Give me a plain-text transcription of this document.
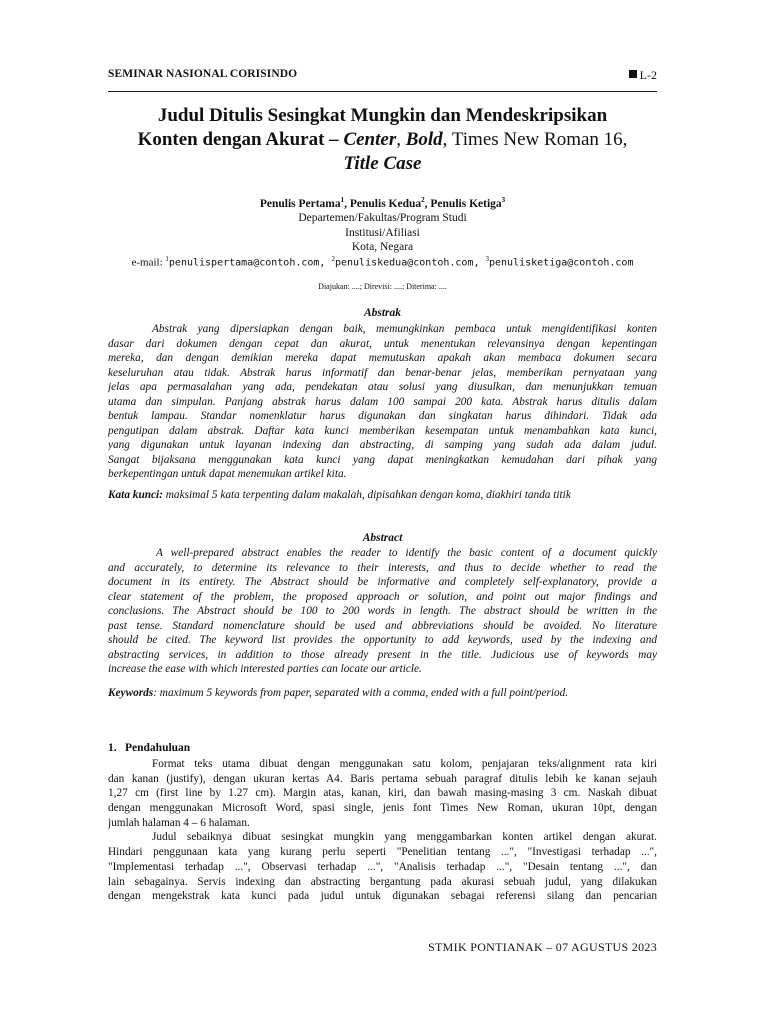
SEMINAR NASIONAL CORISINDO	L-2
Judul Ditulis Sesingkat Mungkin dan Mendeskripsikan
Konten dengan Akurat – Center, Bold, Times New Roman 16,
Title Case
Penulis Pertama$^1$, Penulis Kedua$^2$, Penulis Ketiga$^3$
Departemen/Fakultas/Program Studi
Institusi/Afiliasi
Kota, Negara
e-mail: $^1$penulispertama@contoh.com, $^2$penuliskedua@contoh.com, $^3$penulisketiga@contoh.com
Diajukan: ....; Direvisi: ....; Diterima: ....
Abstrak
Abstrak yang dipersiapkan dengan baik, memungkinkan pembaca untuk mengidentifikasi konten
dasar dari dokumen dengan cepat dan akurat, untuk menentukan relevansinya dengan kepentingan
mereka, dan dengan demikian mereka dapat memutuskan apakah akan membaca dokumen secara
keseluruhan atau tidak. Abstrak harus informatif dan benar-benar jelas, memberikan pernyataan yang
jelas apa permasalahan yang ada, pendekatan atau solusi yang diusulkan, dan menunjukkan temuan
utama dan simpulan. Panjang abstrak harus dalam 100 sampai 200 kata. Abstrak harus ditulis dalam
bentuk lampau. Standar nomenklatur harus digunakan dan singkatan harus dihindari. Tidak ada
pengutipan dalam abstrak. Daftar kata kunci memberikan kesempatan untuk menambahkan kata kunci,
yang digunakan untuk layanan indexing dan abstracting, di samping yang sudah ada dalam judul.
Sangat bijaksana menggunakan kata kunci yang dapat meningkatkan kemudahan dari pihak yang
berkepentingan untuk dapat menemukan artikel kita.
Kata kunci: maksimal 5 kata terpenting dalam makalah, dipisahkan dengan koma, diakhiri tanda titik
Abstract
A well-prepared abstract enables the reader to identify the basic content of a document quickly
and accurately, to determine its relevance to their interests, and thus to decide whether to read the
document in its entirety. The Abstract should be informative and completely self-explanatory, provide a
clear statement of the problem, the proposed approach or solution, and point out major findings and
conclusions. The Abstract should be 100 to 200 words in length. The abstract should be written in the
past tense. Standard nomenclature should be used and abbreviations should be avoided. No literature
should be cited. The keyword list provides the opportunity to add keywords, used by the indexing and
abstracting services, in addition to those already present in the title. Judicious use of keywords may
increase the ease with which interested parties can locate our article.
Keywords: maximum 5 keywords from paper, separated with a comma, ended with a full point/period.
1. Pendahuluan
Format teks utama dibuat dengan menggunakan satu kolom, penjajaran teks/alignment rata kiri
dan kanan (justify), dengan ukuran kertas A4. Baris pertama sebuah paragraf ditulis lebih ke kanan sejauh
1,27 cm (first line by 1.27 cm). Margin atas, kanan, kiri, dan bawah masing-masing 3 cm. Naskah dibuat
dengan menggunakan Microsoft Word, spasi single, jenis font Times New Roman, ukuran 10pt, dengan
jumlah halaman 4 – 6 halaman.
Judul sebaiknya dibuat sesingkat mungkin yang menggambarkan konten artikel dengan akurat.
Hindari penggunaan kata yang kurang perlu seperti "Penelitian tentang ...", "Investigasi terhadap ...",
"Implementasi terhadap ...", Observasi terhadap ...", "Analisis terhadap ...", "Desain tentang ...", dan
lain sebagainya. Servis indexing dan abstracting bergantung pada akurasi sebuah judul, yang dilakukan
dengan mengekstrak kata kunci pada judul untuk digunakan sebagai referensi silang dan pencarian
STMIK PONTIANAK – 07 AGUSTUS 2023
